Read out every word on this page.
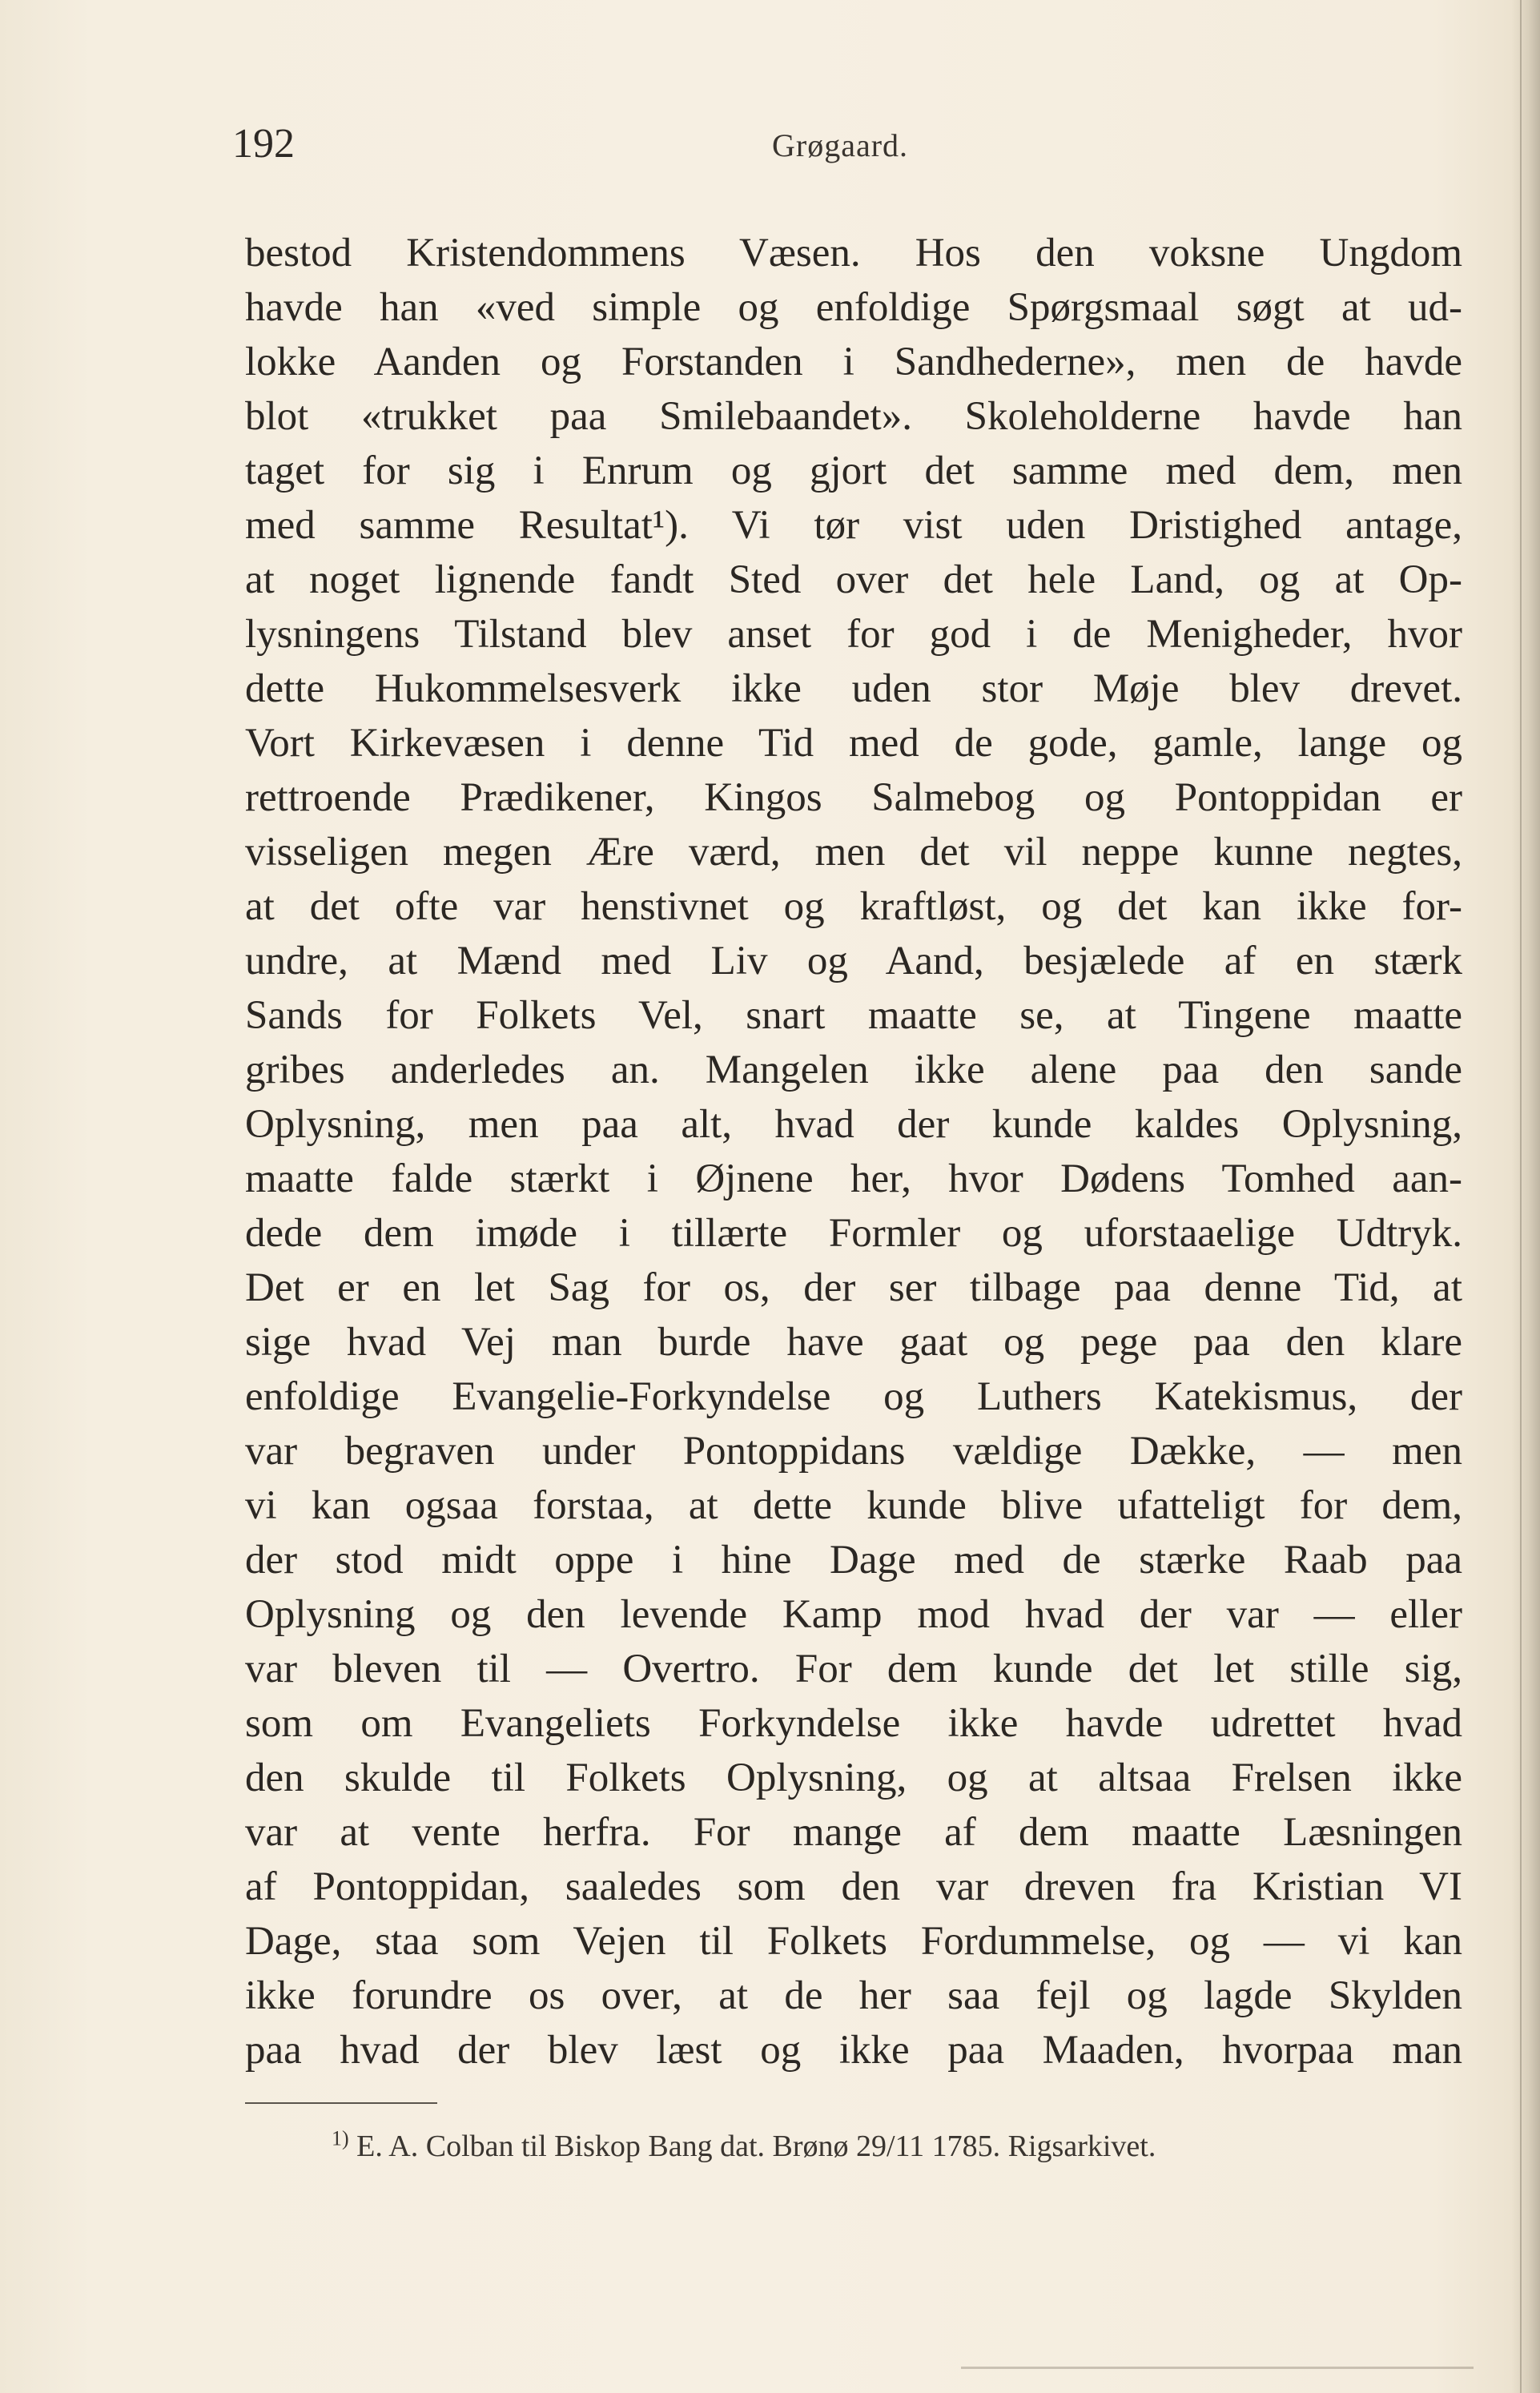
192	Grøgaard.
bestod Kristendommens Væsen. Hos den voksne Ungdom
havde han «ved simple og enfoldige Spørgsmaal søgt at ud-
lokke Aanden og Forstanden i Sandhederne», men de havde
blot «trukket paa Smilebaandet». Skoleholderne havde han
taget for sig i Enrum og gjort det samme med dem, men
med samme Resultat¹). Vi tør vist uden Dristighed antage,
at noget lignende fandt Sted over det hele Land, og at Op-
lysningens Tilstand blev anset for god i de Menigheder, hvor
dette Hukommelsesverk ikke uden stor Møje blev drevet.
Vort Kirkevæsen i denne Tid med de gode, gamle, lange og
rettroende Prædikener, Kingos Salmebog og Pontoppidan er
visseligen megen Ære værd, men det vil neppe kunne negtes,
at det ofte var henstivnet og kraftløst, og det kan ikke for-
undre, at Mænd med Liv og Aand, besjælede af en stærk
Sands for Folkets Vel, snart maatte se, at Tingene maatte
gribes anderledes an. Mangelen ikke alene paa den sande
Oplysning, men paa alt, hvad der kunde kaldes Oplysning,
maatte falde stærkt i Øjnene her, hvor Dødens Tomhed aan-
dede dem imøde i tillærte Formler og uforstaaelige Udtryk.
Det er en let Sag for os, der ser tilbage paa denne Tid, at
sige hvad Vej man burde have gaat og pege paa den klare
enfoldige Evangelie-Forkyndelse og Luthers Katekismus, der
var begraven under Pontoppidans vældige Dække, — men
vi kan ogsaa forstaa, at dette kunde blive ufatteligt for dem,
der stod midt oppe i hine Dage med de stærke Raab paa
Oplysning og den levende Kamp mod hvad der var — eller
var bleven til — Overtro. For dem kunde det let stille sig,
som om Evangeliets Forkyndelse ikke havde udrettet hvad
den skulde til Folkets Oplysning, og at altsaa Frelsen ikke
var at vente herfra. For mange af dem maatte Læsningen
af Pontoppidan, saaledes som den var dreven fra Kristian VI
Dage, staa som Vejen til Folkets Fordummelse, og — vi kan
ikke forundre os over, at de her saa fejl og lagde Skylden
paa hvad der blev læst og ikke paa Maaden, hvorpaa man
$^{1)}$ E. A. Colban til Biskop Bang dat. Brønø 29/11 1785. Rigsarkivet.
